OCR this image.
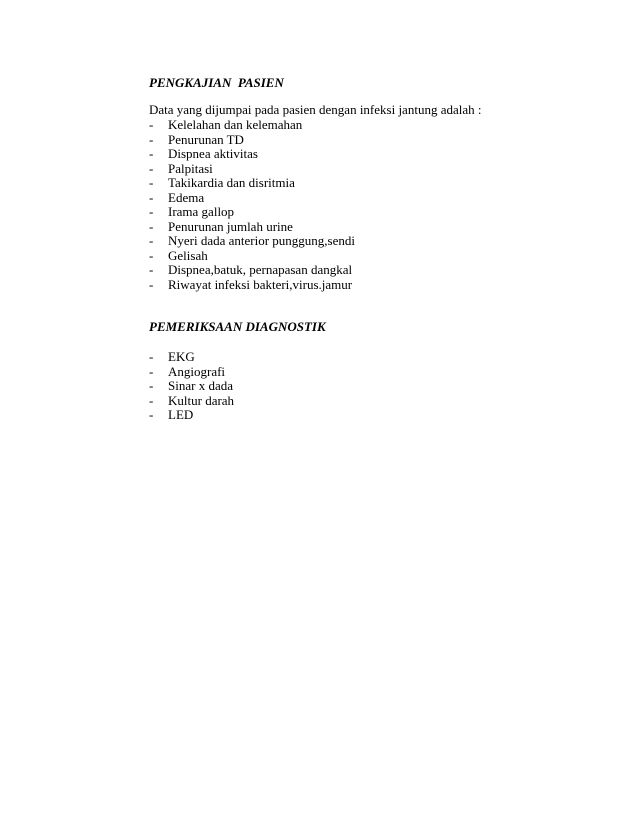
PENGKAJIAN  PASIEN

Data yang dijumpai pada pasien dengan infeksi jantung adalah :

- Kelelahan dan kelemahan
- Penurunan TD
- Dispnea aktivitas
- Palpitasi
- Takikardia dan disritmia
- Edema
- Irama gallop
- Penurunan jumlah urine
- Nyeri dada anterior punggung,sendi
- Gelisah
- Dispnea,batuk, pernapasan dangkal
- Riwayat infeksi bakteri,virus.jamur
PEMERIKSAAN DIAGNOSTIK
- EKG
- Angiografi
- Sinar x dada
- Kultur darah
- LED
